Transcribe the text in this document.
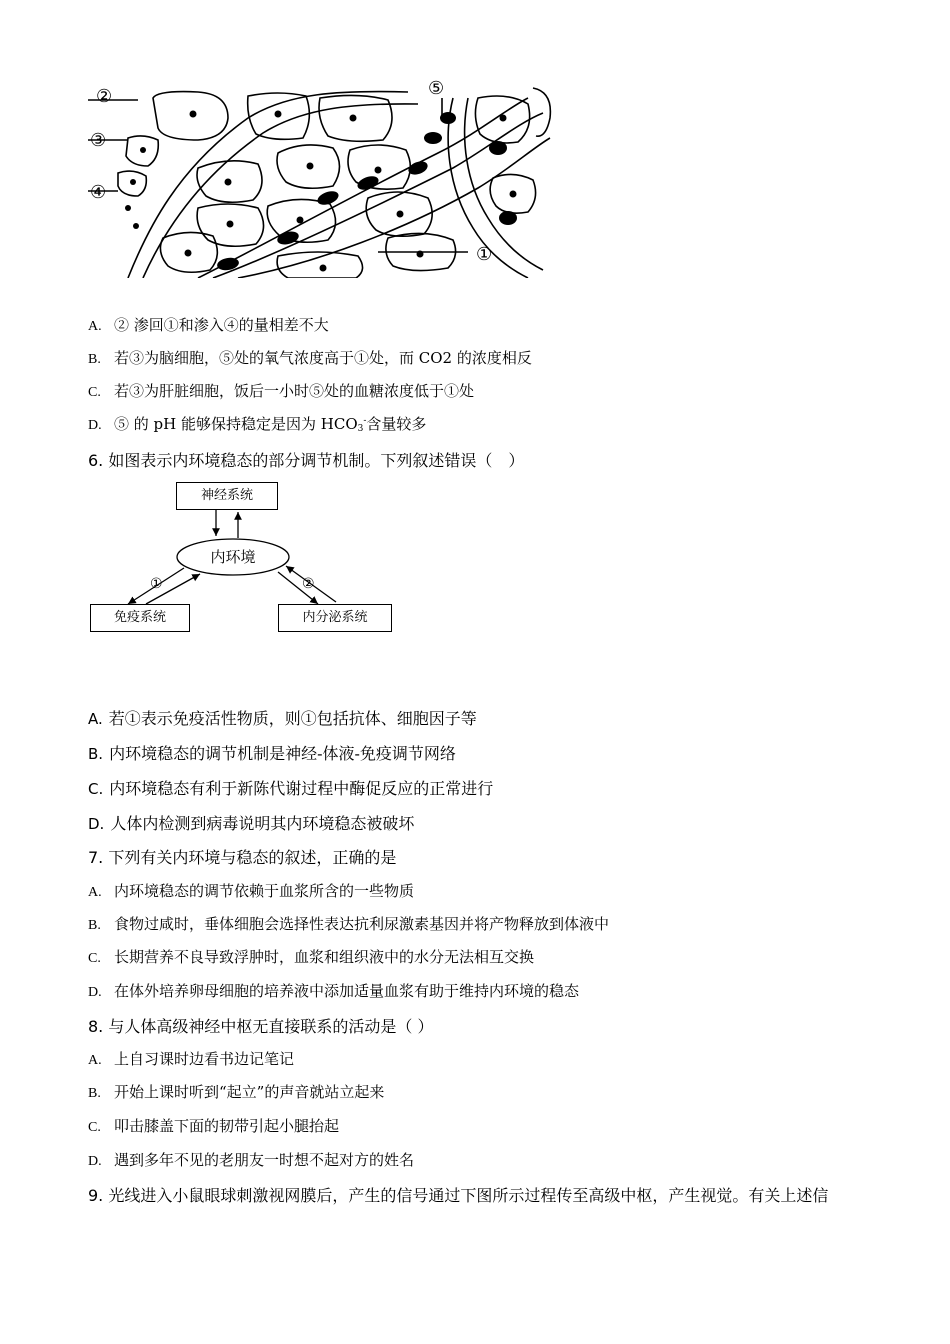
②
③
④
⑤
①
A. ② 渗回①和渗入④的量相差不大
B. 若③为脑细胞，⑤处的氧气浓度高于①处，而 CO2 的浓度相反
C. 若③为肝脏细胞，饭后一小时⑤处的血糖浓度低于①处
D. ⑤ 的 pH 能够保持稳定是因为 $HCO_3^-$含量较多
6. 如图表示内环境稳态的部分调节机制。下列叙述错误（　）
①	②
神经系统
内环境
免疫系统	内分泌系统
A. 若①表示免疫活性物质，则①包括抗体、细胞因子等
B. 内环境稳态的调节机制是神经-体液-免疫调节网络
C. 内环境稳态有利于新陈代谢过程中酶促反应的正常进行
D. 人体内检测到病毒说明其内环境稳态被破坏
7. 下列有关内环境与稳态的叙述，正确的是
A. 内环境稳态的调节依赖于血浆所含的一些物质
B. 食物过咸时，垂体细胞会选择性表达抗利尿激素基因并将产物释放到体液中
C. 长期营养不良导致浮肿时，血浆和组织液中的水分无法相互交换
D. 在体外培养卵母细胞的培养液中添加适量血浆有助于维持内环境的稳态
8. 与人体高级神经中枢无直接联系的活动是（ ）
A. 上自习课时边看书边记笔记
B. 开始上课时听到“起立”的声音就站立起来
C. 叩击膝盖下面的韧带引起小腿抬起
D. 遇到多年不见的老朋友一时想不起对方的姓名
9. 光线进入小鼠眼球刺激视网膜后，产生的信号通过下图所示过程传至高级中枢，产生视觉。有关上述信
